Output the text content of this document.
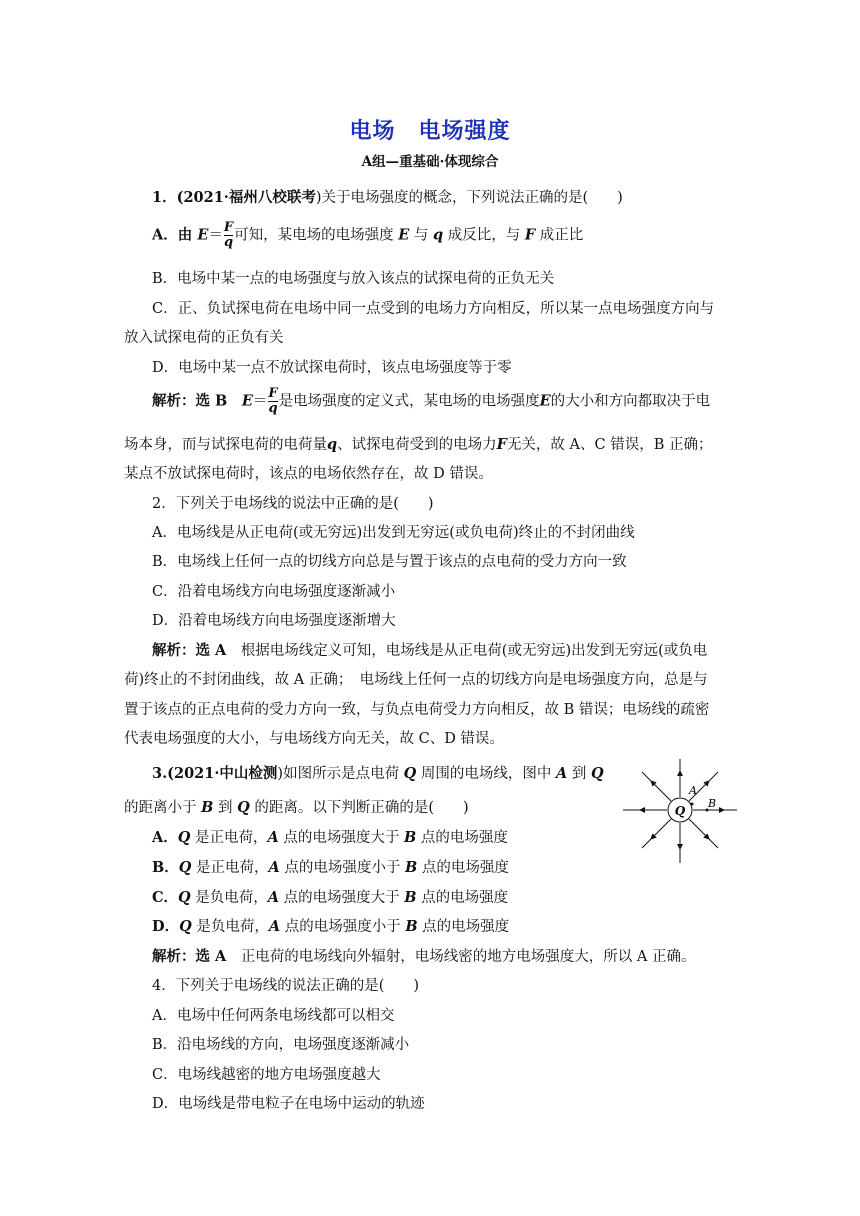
电场　电场强度
A组—重基础·体现综合
1．(2021·福州八校联考)关于电场强度的概念，下列说法正确的是(　　)
A．由 $E= \frac{F}{q}$ 可知，某电场的电场强度 E 与 q 成反比，与 F 成正比
B．电场中某一点的电场强度与放入该点的试探电荷的正负无关
C．正、负试探电荷在电场中同一点受到的电场力方向相反，所以某一点电场强度方向与
放入试探电荷的正负有关
D．电场中某一点不放试探电荷时，该点电场强度等于零
解析：选 B　$E= \frac{F}{q}$ 是电场强度的定义式，某电场的电场强度E的大小和方向都取决于电
场本身，而与试探电荷的电荷量q、试探电荷受到的电场力F无关，故 A、C 错误，B 正确；
某点不放试探电荷时，该点的电场依然存在，故 D 错误。
2．下列关于电场线的说法中正确的是(　　)
A．电场线是从正电荷(或无穷远)出发到无穷远(或负电荷)终止的不封闭曲线
B．电场线上任何一点的切线方向总是与置于该点的点电荷的受力方向一致
C．沿着电场线方向电场强度逐渐减小
D．沿着电场线方向电场强度逐渐增大
解析：选 A　根据电场线定义可知，电场线是从正电荷(或无穷远)出发到无穷远(或负电
荷)终止的不封闭曲线，故 A 正确；　电场线上任何一点的切线方向是电场强度方向，总是与
置于该点的正点电荷的受力方向一致，与负点电荷受力方向相反，故 B 错误；电场线的疏密
代表电场强度的大小，与电场线方向无关，故 C、D 错误。
3.(2021·中山检测)如图所示是点电荷 Q 周围的电场线，图中 A 到 Q
的距离小于 B 到 Q 的距离。以下判断正确的是(　　)
A．Q 是正电荷，A 点的电场强度大于 B 点的电场强度
B．Q 是正电荷，A 点的电场强度小于 B 点的电场强度
C．Q 是负电荷，A 点的电场强度大于 B 点的电场强度
D．Q 是负电荷，A 点的电场强度小于 B 点的电场强度
解析：选 A　正电荷的电场线向外辐射，电场线密的地方电场强度大，所以 A 正确。
Q
A
B
4．下列关于电场线的说法正确的是(　　)
A．电场中任何两条电场线都可以相交
B．沿电场线的方向，电场强度逐渐减小
C．电场线越密的地方电场强度越大
D．电场线是带电粒子在电场中运动的轨迹
